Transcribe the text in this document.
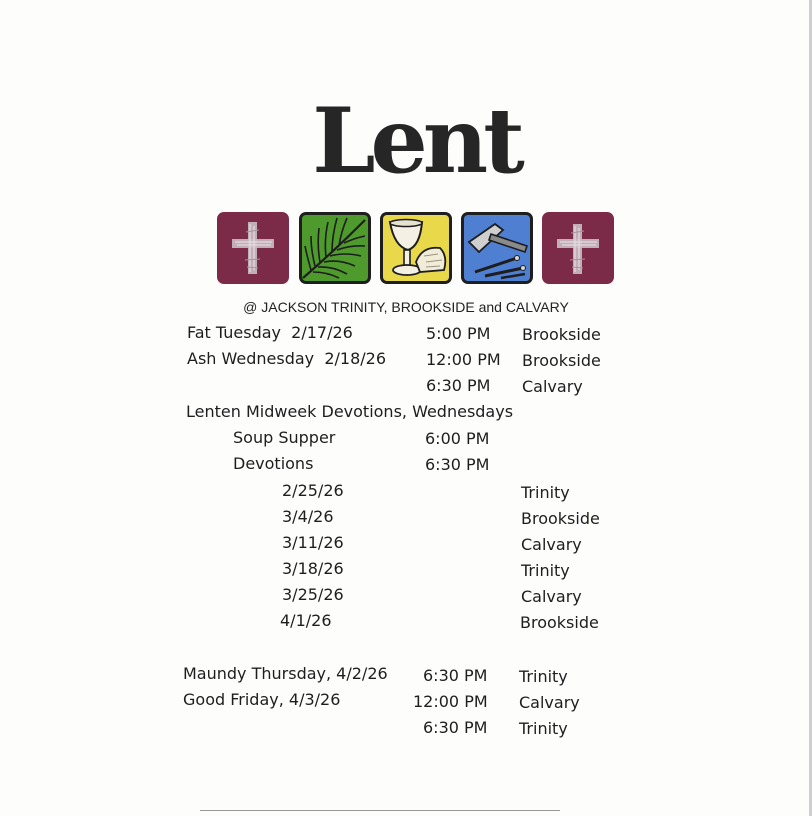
Lent
@ JACKSON TRINITY, BROOKSIDE and CALVARY
Fat Tuesday  2/17/26	5:00 PM Brookside
Ash Wednesday  2/18/26	12:00 PM Brookside
6:30 PM Calvary
Lenten Midweek Devotions, Wednesdays
Soup Supper	6:00 PM
Devotions	6:30 PM
2/25/26	Trinity
3/4/26	Brookside
3/11/26	Calvary
3/18/26	Trinity
3/25/26	Calvary
4/1/26	Brookside
Maundy Thursday, 4/2/26 6:30 PM Trinity
Good Friday, 4/3/26	12:00 PM Calvary
6:30 PM Trinity
